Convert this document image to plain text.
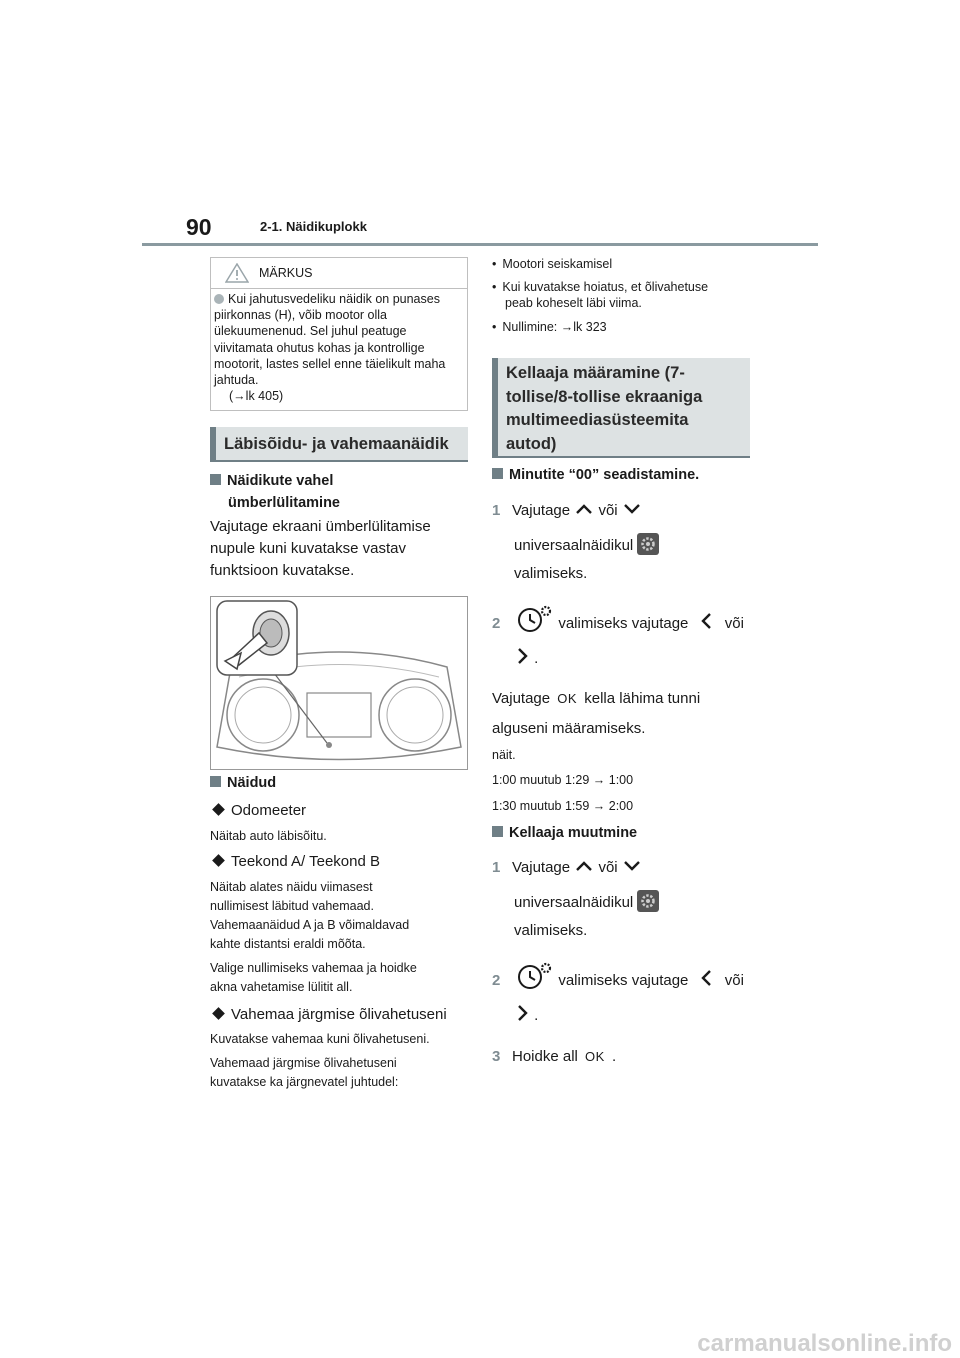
90	2-1. Näidikuplokk
MÄRKUS
Kui jahutusvedeliku näidik on punases piirkonnas (H), võib mootor olla ülekuumenenud. Sel juhul peatuge viivitamata ohutus kohas ja kontrollige mootorit, lastes sellel enne täielikult maha jahtuda.
(→lk 405)
Läbisõidu- ja vahemaanäidik
Näidikute vahel
ümberlülitamine
Vajutage ekraani ümberlülitamise
nupule kuni kuvatakse vastav
funktsioon kuvatakse.
Näidud
Odomeeter
Näitab auto läbisõitu.
Teekond A/ Teekond B
Näitab alates näidu viimasest
nullimisest läbitud vahemaad.
Vahemaanäidud A ja B võimaldavad
kahte distantsi eraldi mõõta.
Valige nullimiseks vahemaa ja hoidke
akna vahetamise lülitit all.
Vahemaa järgmise õlivahetuseni
Kuvatakse vahemaa kuni õlivahetuseni.
Vahemaad järgmise õlivahetuseni
kuvatakse ka järgnevatel juhtudel:
• Mootori seiskamisel
• Kui kuvatakse hoiatus, et õlivahetuse
peab koheselt läbi viima.
• Nullimine: →lk 323
Kellaaja määramine (7-
tollise/8-tollise ekraaniga
multimeediasüsteemita
autod)
Minutite “00” seadistamine.
1 Vajutage või
universaalnäidikul
valimiseks.
2	valimiseks vajutage või
.
Vajutage OK kella lähima tunni
alguseni määramiseks.
näit.
1:00 muutub 1:29 → 1:00
1:30 muutub 1:59 → 2:00
Kellaaja muutmine
1 Vajutage või
universaalnäidikul
valimiseks.
2	valimiseks vajutage või
.
3 Hoidke all OK .
carmanualsonline.info
